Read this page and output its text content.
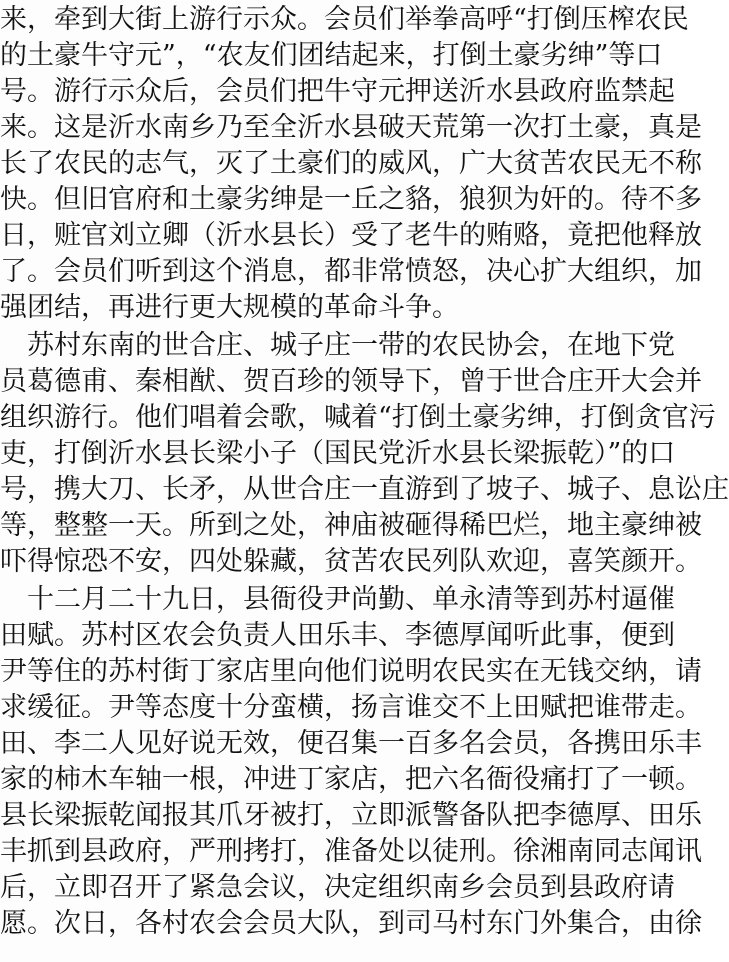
来，牵到大街上游行示众。会员们举拳高呼“打倒压榨农民
的土豪牛守元”，“农友们团结起来，打倒土豪劣绅”等口
号。游行示众后，会员们把牛守元押送沂水县政府监禁起
来。这是沂水南乡乃至全沂水县破天荒第一次打土豪，真是
长了农民的志气，灭了土豪们的威风，广大贫苦农民无不称
快。但旧官府和土豪劣绅是一丘之貉，狼狈为奸的。待不多
日，赃官刘立卿（沂水县长）受了老牛的贿赂，竟把他释放
了。会员们听到这个消息，都非常愤怒，决心扩大组织，加
强团结，再进行更大规模的革命斗争。
　苏村东南的世合庄、城子庄一带的农民协会，在地下党
员葛德甫、秦相猷、贺百珍的领导下，曾于世合庄开大会并
组织游行。他们唱着会歌，喊着“打倒土豪劣绅，打倒贪官污
吏，打倒沂水县长梁小子（国民党沂水县长梁振乾）”的口
号，携大刀、长矛，从世合庄一直游到了坡子、城子、息讼庄
等，整整一天。所到之处，神庙被砸得稀巴烂，地主豪绅被
吓得惊恐不安，四处躲藏，贫苦农民列队欢迎，喜笑颜开。
　十二月二十九日，县衙役尹尚勤、单永清等到苏村逼催
田赋。苏村区农会负责人田乐丰、李德厚闻听此事，便到
尹等住的苏村街丁家店里向他们说明农民实在无钱交纳，请
求缓征。尹等态度十分蛮横，扬言谁交不上田赋把谁带走。
田、李二人见好说无效，便召集一百多名会员，各携田乐丰
家的柿木车轴一根，冲进丁家店，把六名衙役痛打了一顿。
县长梁振乾闻报其爪牙被打，立即派警备队把李德厚、田乐
丰抓到县政府，严刑拷打，准备处以徒刑。徐湘南同志闻讯
后，立即召开了紧急会议，决定组织南乡会员到县政府请
愿。次日，各村农会会员大队，到司马村东门外集合，由徐
